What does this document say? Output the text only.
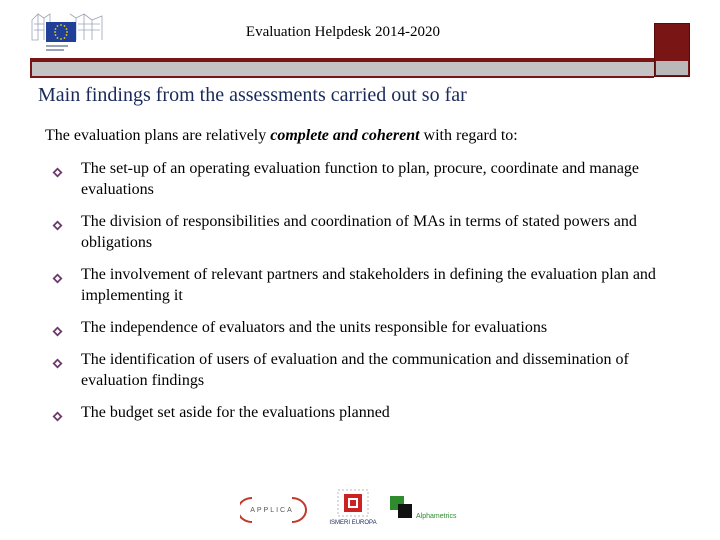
Evaluation Helpdesk 2014-2020
Main findings from the assessments carried out so far
The evaluation plans are relatively complete and coherent with regard to:
The set-up of an operating evaluation function to plan, procure, coordinate and manage evaluations
The division of responsibilities and coordination of MAs in terms of stated powers and obligations
The involvement of relevant partners and stakeholders in defining the evaluation plan and implementing it
The independence of evaluators and the units responsible for evaluations
The identification of users of evaluation and the communication and dissemination of evaluation findings
The budget set aside for the evaluations planned
APPLICA
ISMERI EUROPA
Alphametrics
